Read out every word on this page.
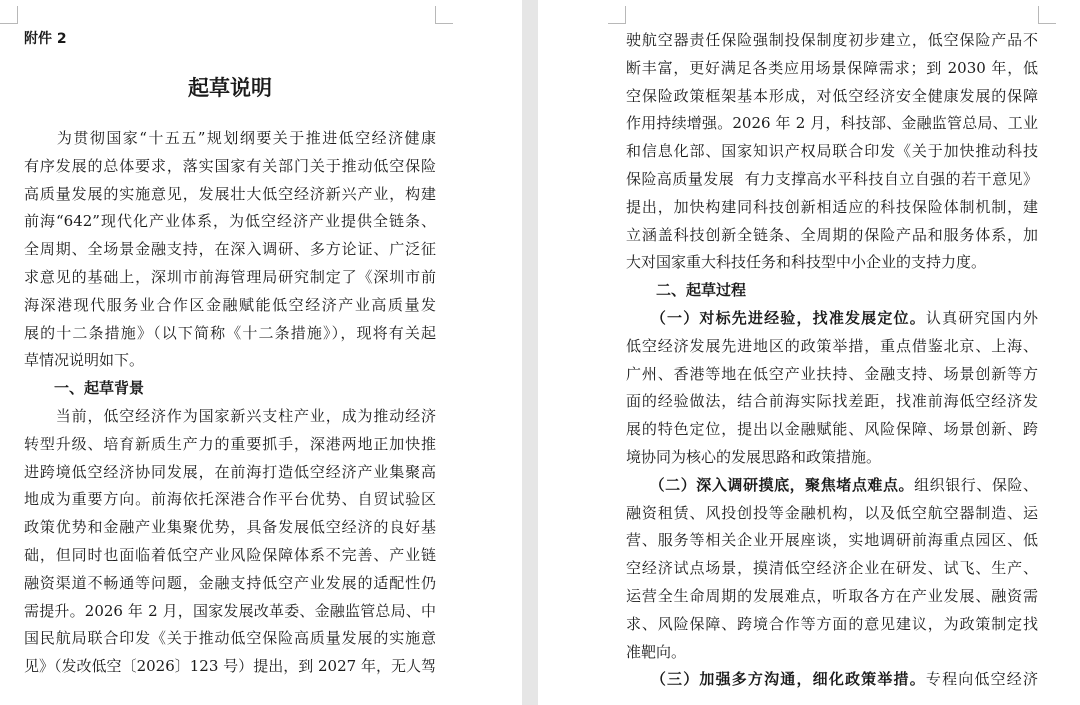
附件 2
起草说明
　　为贯彻国家“十五五”规划纲要关于推进低空经济健康
有序发展的总体要求，落实国家有关部门关于推动低空保险
高质量发展的实施意见，发展壮大低空经济新兴产业，构建
前海“642”现代化产业体系，为低空经济产业提供全链条、
全周期、全场景金融支持，在深入调研、多方论证、广泛征
求意见的基础上，深圳市前海管理局研究制定了《深圳市前
海深港现代服务业合作区金融赋能低空经济产业高质量发
展的十二条措施》（以下简称《十二条措施》），现将有关起
草情况说明如下。
　　一、起草背景
　　当前，低空经济作为国家新兴支柱产业，成为推动经济
转型升级、培育新质生产力的重要抓手，深港两地正加快推
进跨境低空经济协同发展，在前海打造低空经济产业集聚高
地成为重要方向。前海依托深港合作平台优势、自贸试验区
政策优势和金融产业集聚优势，具备发展低空经济的良好基
础，但同时也面临着低空产业风险保障体系不完善、产业链
融资渠道不畅通等问题，金融支持低空产业发展的适配性仍
需提升。2026 年 2 月，国家发展改革委、金融监管总局、中
国民航局联合印发《关于推动低空保险高质量发展的实施意
见》（发改低空〔2026〕123 号）提出，到 2027 年，无人驾
驶航空器责任保险强制投保制度初步建立，低空保险产品不
断丰富，更好满足各类应用场景保障需求；到 2030 年，低
空保险政策框架基本形成，对低空经济安全健康发展的保障
作用持续增强。2026 年 2 月，科技部、金融监管总局、工业
和信息化部、国家知识产权局联合印发《关于加快推动科技
保险高质量发展  有力支撑高水平科技自立自强的若干意见》
提出，加快构建同科技创新相适应的科技保险体制机制，建
立涵盖科技创新全链条、全周期的保险产品和服务体系，加
大对国家重大科技任务和科技型中小企业的支持力度。
　　二、起草过程
　　（一）对标先进经验，找准发展定位。认真研究国内外
低空经济发展先进地区的政策举措，重点借鉴北京、上海、
广州、香港等地在低空产业扶持、金融支持、场景创新等方
面的经验做法，结合前海实际找差距，找准前海低空经济发
展的特色定位，提出以金融赋能、风险保障、场景创新、跨
境协同为核心的发展思路和政策措施。
　　（二）深入调研摸底，聚焦堵点难点。组织银行、保险、
融资租赁、风投创投等金融机构，以及低空航空器制造、运
营、服务等相关企业开展座谈，实地调研前海重点园区、低
空经济试点场景，摸清低空经济企业在研发、试飞、生产、
运营全生命周期的发展难点，听取各方在产业发展、融资需
求、风险保障、跨境合作等方面的意见建议，为政策制定找
准靶向。
　　（三）加强多方沟通，细化政策举措。专程向低空经济
